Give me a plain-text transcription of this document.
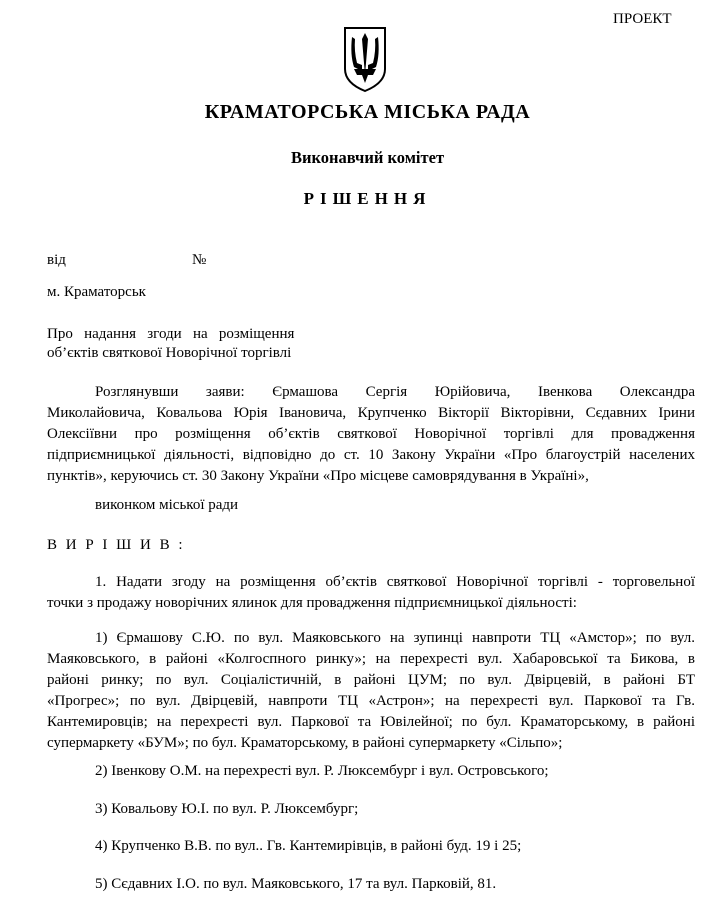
ПРОЕКТ
КРАМАТОРСЬКА МІСЬКА РАДА
Виконавчий комітет
РІШЕННЯ
від	№
м. Краматорськ
Про   надання   згоди   на   розміщення
об’єктів святкової Новорічної торгівлі
Розглянувши заяви: Єрмашова Сергія Юрійовича, Івенкова Олександра
Миколайовича, Ковальова Юрія Івановича, Крупченко Вікторії Вікторівни, Сєдавних Ірини
Олексіївни про розміщення об’єктів святкової Новорічної торгівлі для провадження
підприємницької діяльності, відповідно до ст. 10 Закону України «Про благоустрій населених
пунктів», керуючись ст. 30 Закону України «Про місцеве самоврядування в Україні»,
виконком міської ради
В И Р І Ш И В :
1. Надати згоду на розміщення об’єктів святкової Новорічної торгівлі - торговельної
точки з продажу новорічних ялинок для провадження підприємницької діяльності:
1) Єрмашову С.Ю. по вул. Маяковського на зупинці навпроти ТЦ «Амстор»; по вул.
Маяковського, в районі «Колгоспного ринку»; на перехресті вул. Хабаровської та Бикова, в
районі ринку; по вул. Соціалістичній, в районі ЦУМ; по вул. Двірцевій, в районі БТ
«Прогрес»; по вул. Двірцевій, навпроти ТЦ «Астрон»; на перехресті вул. Паркової та Гв.
Кантемировців; на перехресті вул. Паркової та Ювілейної; по бул. Краматорському, в районі
супермаркету «БУМ»; по бул. Краматорському, в районі супермаркету «Сільпо»;
2) Івенкову О.М. на перехресті вул. Р. Люксембург і вул. Островського;
3) Ковальову Ю.І. по вул. Р. Люксембург;
4) Крупченко В.В. по вул.. Гв. Кантемирівців, в районі буд. 19 і 25;
5) Сєдавних І.О. по вул. Маяковського, 17 та вул. Парковій, 81.
